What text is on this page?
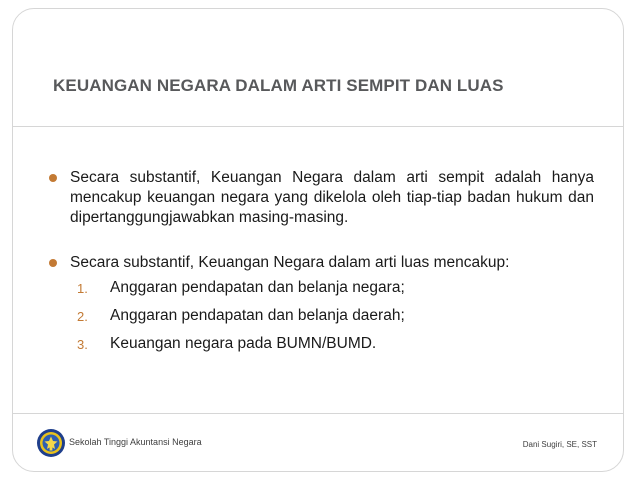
KEUANGAN NEGARA DALAM ARTI SEMPIT DAN LUAS
Secara substantif, Keuangan Negara dalam arti sempit adalah hanya mencakup keuangan negara yang dikelola oleh tiap-tiap badan hukum dan dipertanggungjawabkan masing-masing.
Secara substantif, Keuangan Negara dalam arti luas mencakup:
1. Anggaran pendapatan dan belanja negara;
2. Anggaran pendapatan dan belanja daerah;
3. Keuangan negara pada BUMN/BUMD.
Sekolah Tinggi Akuntansi Negara	Dani Sugiri, SE, SST
